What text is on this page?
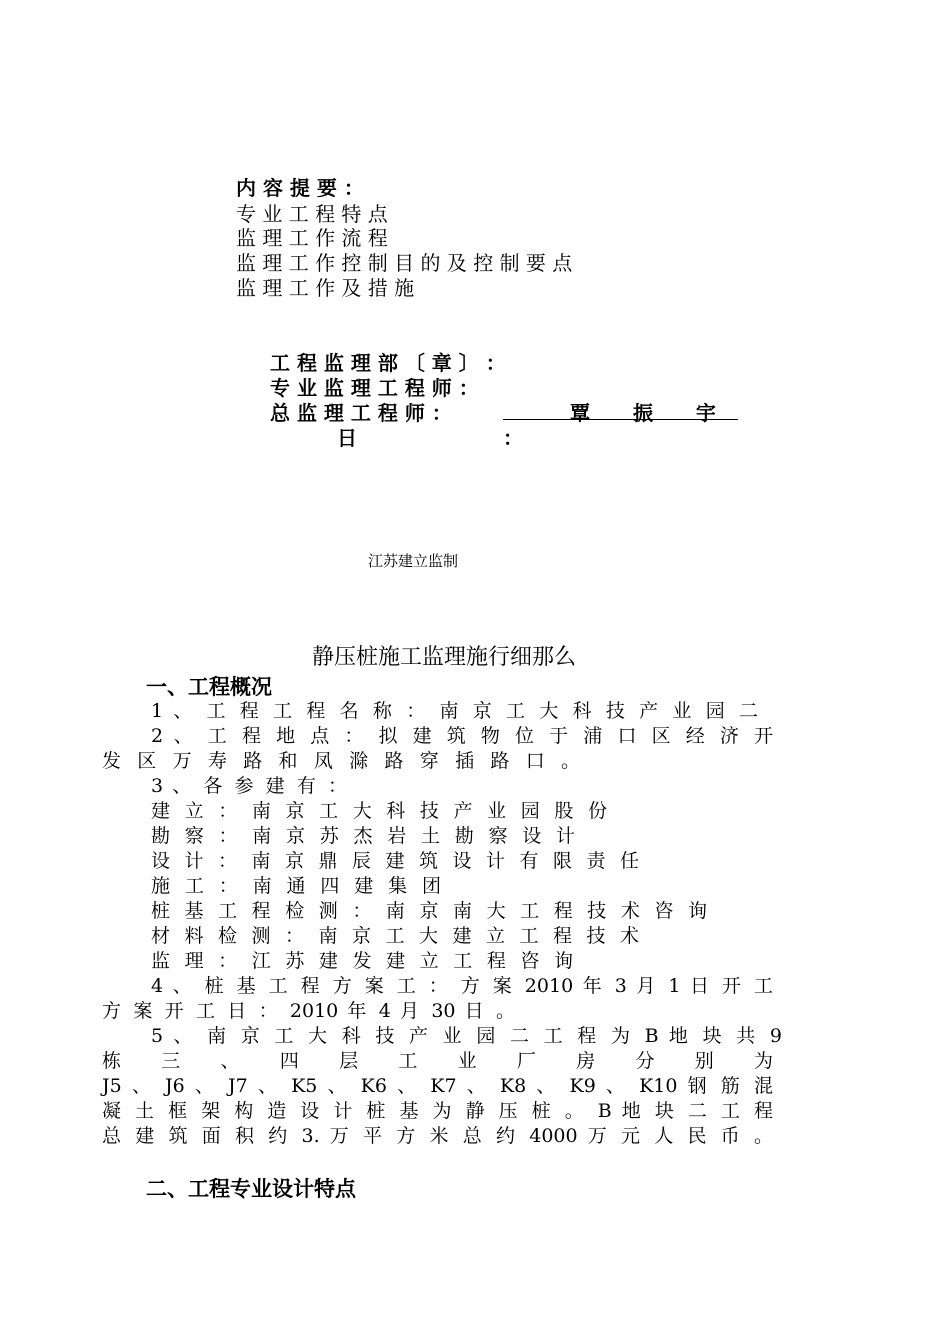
内 容 提 要 ：
专 业 工 程 特 点
监 理 工 作 流 程
监 理 工 作 控 制 目 的 及 控 制 要 点
监 理 工 作 及 措 施
工 程 监 理 部 〔 章 〕 ：
专 业 监 理 工 程 师 ：
总 监 理 工 程 师 ：	覃 振 宇
日	：
江苏建立监制
静压桩施工监理施行细那么
一、工程概况
1 、 工 程 工 程 名 称 ： 南 京 工 大 科 技 产 业 园 二
2 、 工 程 地 点 ： 拟 建 筑 物 位 于 浦 口 区 经 济 开
发 区 万 寿 路 和 凤 滁 路 穿 插 路 口 。
3 、 各 参 建 有 ：
建 立 ： 南 京 工 大 科 技 产 业 园 股 份
勘 察 ： 南 京 苏 杰 岩 土 勘 察 设 计
设 计 ： 南 京 鼎 辰 建 筑 设 计 有 限 责 任
施 工 ： 南 通 四 建 集 团
桩 基 工 程 检 测 ： 南 京 南 大 工 程 技 术 咨 询
材 料 检 测 ： 南 京 工 大 建 立 工 程 技 术
监 理 ： 江 苏 建 发 建 立 工 程 咨 询
4 、 桩 基 工 程 方 案 工 ： 方 案 2010 年 3 月 1 日 开 工
方 案 开 工 日 ： 2010 年 4 月 30 日 。
5 、 南 京 工 大 科 技 产 业 园 二 工 程 为 B 地 块 共 9
栋 三 、 四 层 工 业 厂 房 分 别 为
J5 、 J6 、 J7 、 K5 、 K6 、 K7 、 K8 、 K9 、 K10 钢 筋 混
凝 土 框 架 构 造 设 计 桩 基 为 静 压 桩 。 B 地 块 二 工 程
总 建 筑 面 积 约 3. 万 平 方 米 总 约 4000 万 元 人 民 币 。
二、工程专业设计特点
